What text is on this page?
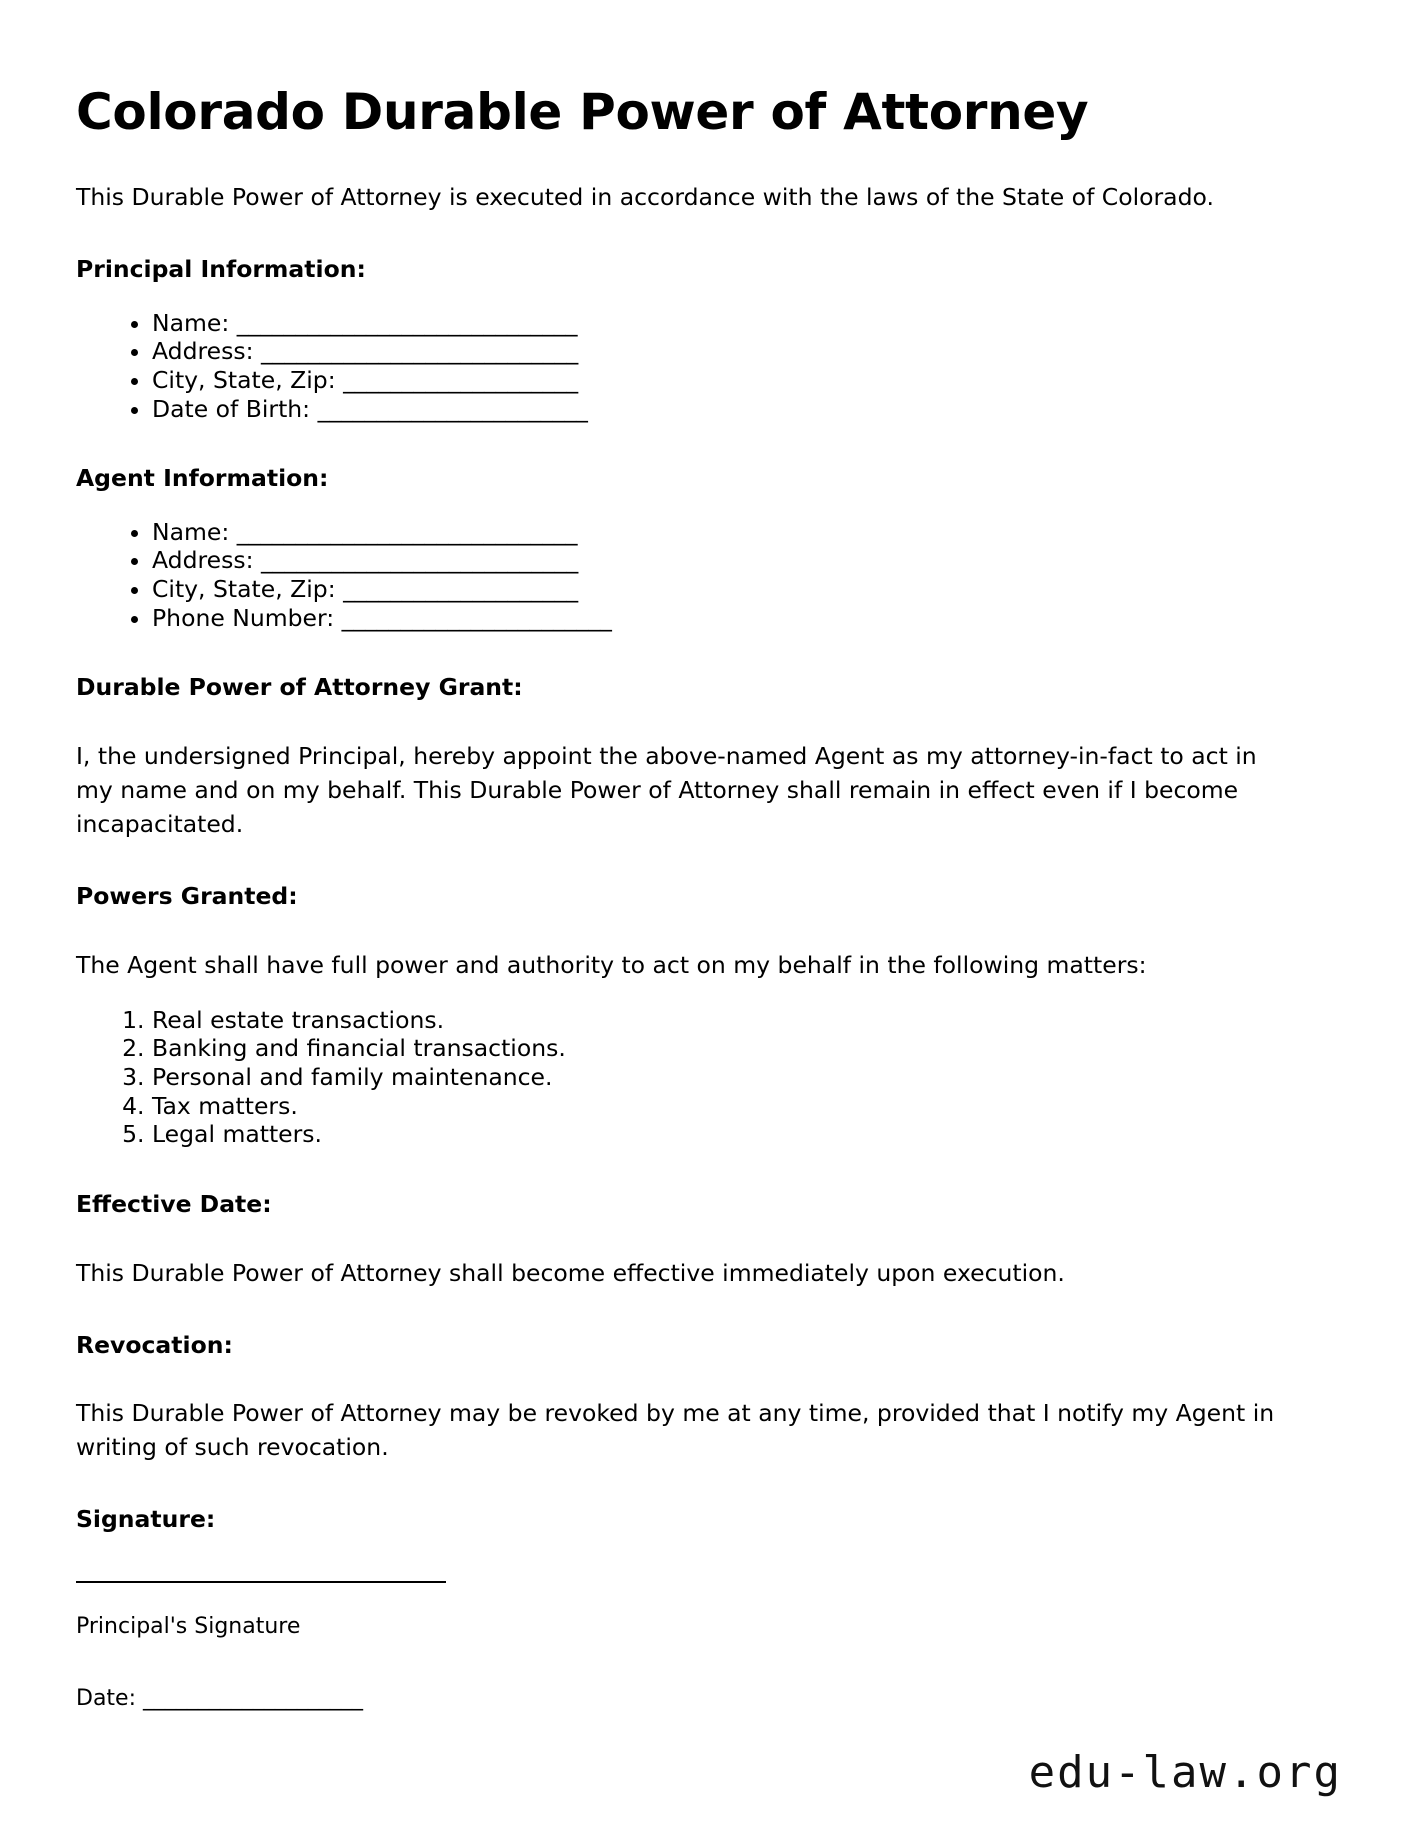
Colorado Durable Power of Attorney

This Durable Power of Attorney is executed in accordance with the laws of the State of Colorado.

Principal Information:
• Name: _____________________________
• Address: ___________________________
• City, State, Zip: ____________________
• Date of Birth: _______________________
Agent Information:
• Name: _____________________________
• Address: ___________________________
• City, State, Zip: ____________________
• Phone Number: _______________________
Durable Power of Attorney Grant:

I, the undersigned Principal, hereby appoint the above-named Agent as my attorney-in-fact to act in my name and on my behalf. This Durable Power of Attorney shall remain in effect even if I become incapacitated.

Powers Granted:

The Agent shall have full power and authority to act on my behalf in the following matters:

1. Real estate transactions.
2. Banking and financial transactions.
3. Personal and family maintenance.
4. Tax matters.
5. Legal matters.
Effective Date:

This Durable Power of Attorney shall become effective immediately upon execution.

Revocation:

This Durable Power of Attorney may be revoked by me at any time, provided that I notify my Agent in writing of such revocation.

Signature:

Principal's Signature

Date: ____________________

edu-law.org
